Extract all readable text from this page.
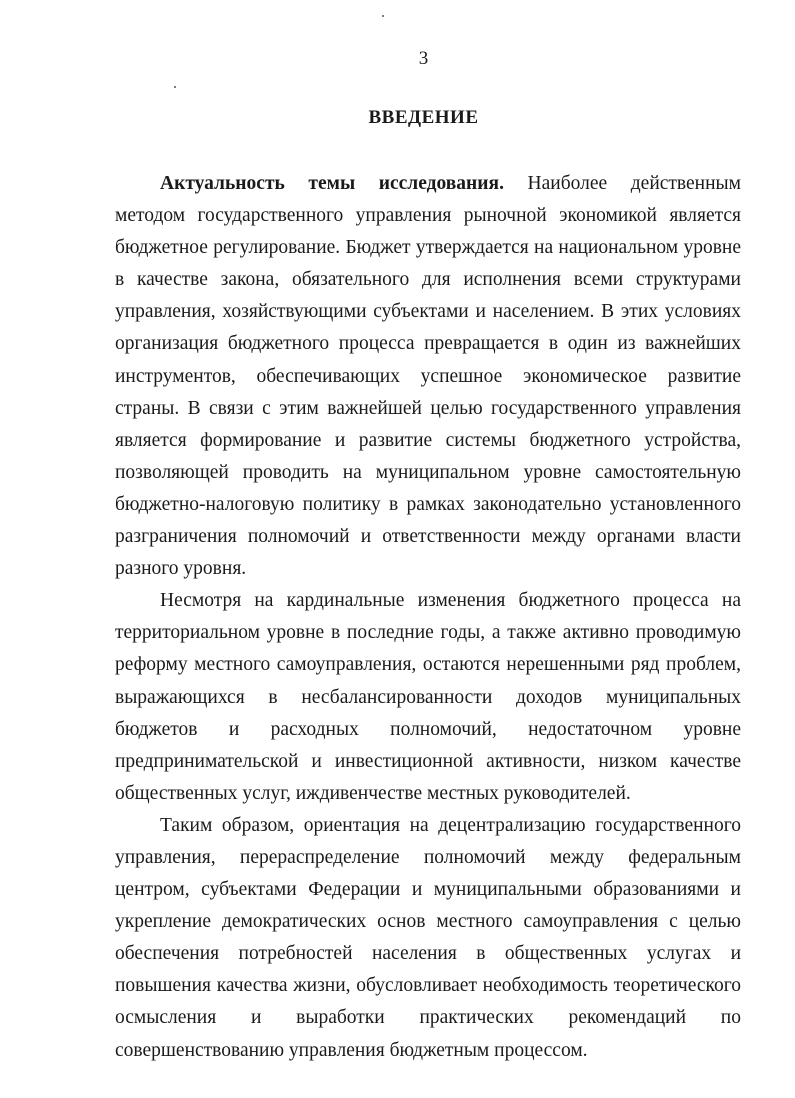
3
ВВЕДЕНИЕ

Актуальность темы исследования. Наиболее действенным методом государственного управления рыночной экономикой является бюджетное регулирование. Бюджет утверждается на национальном уровне в качестве закона, обязательного для исполнения всеми структурами управления, хозяйствующими субъектами и населением. В этих условиях организация бюджетного процесса превращается в один из важнейших инструментов, обеспечивающих успешное экономическое развитие страны. В связи с этим важнейшей целью государственного управления является формирование и развитие системы бюджетного устройства, позволяющей проводить на муниципальном уровне самостоятельную бюджетно-налоговую политику в рамках законодательно установленного разграничения полномочий и ответственности между органами власти разного уровня.

Несмотря на кардинальные изменения бюджетного процесса на территориальном уровне в последние годы, а также активно проводимую реформу местного самоуправления, остаются нерешенными ряд проблем, выражающихся в несбалансированности доходов муниципальных бюджетов и расходных полномочий, недостаточном уровне предпринимательской и инвестиционной активности, низком качестве общественных услуг, иждивенчестве местных руководителей.

Таким образом, ориентация на децентрализацию государственного управления, перераспределение полномочий между федеральным центром, субъектами Федерации и муниципальными образованиями и укрепление демократических основ местного самоуправления с целью обеспечения потребностей населения в общественных услугах и повышения качества жизни, обусловливает необходимость теоретического осмысления и выработки практических рекомендаций по совершенствованию управления бюджетным процессом.
